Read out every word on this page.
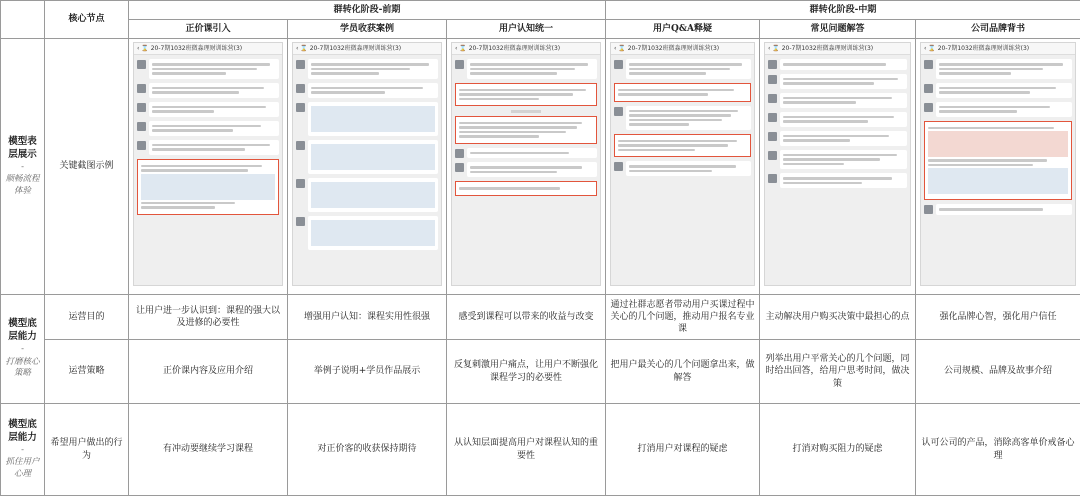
	核心节点	群转化阶段-前期			群转化阶段-中期		
		正价课引入	学员收获案例	用户认知统一	用户Q&A释疑	常见问题解答	公司品牌背书

模型表层展示
-
顺畅流程体验	关键截图示例	‹ ⌛ 20-7期1032班微淼理财训练营(3)	‹ ⌛ 20-7期1032班微淼理财训练营(3)	‹ ⌛ 20-7期1032班微淼理财训练营(3)	‹ ⌛ 20-7期1032班微淼理财训练营(3)	‹ ⌛ 20-7期1032班微淼理财训练营(3)	‹ ⌛ 20-7期1032班微淼理财训练营(3)

模型底层能力
-
打磨核心策略	运营目的	让用户进一步认识到：课程的强大以及进修的必要性	增强用户认知：课程实用性很强	感受到课程可以带来的收益与改变	通过社群志愿者带动用户买课过程中关心的几个问题，推动用户报名专业课	主动解决用户购买决策中最担心的点	强化品牌心智，强化用户信任
	运营策略	正价课内容及应用介绍	举例子说明+学员作品展示	反复刺激用户痛点，让用户不断强化课程学习的必要性	把用户最关心的几个问题拿出来，做解答	列举出用户平常关心的几个问题，同时给出回答，给用户思考时间，做决策	公司规模、品牌及故事介绍

模型底层能力
-
抓住用户心理	希望用户做出的行为	有冲动要继续学习课程	对正价客的收获保持期待	从认知层面提高用户对课程认知的重要性	打消用户对课程的疑虑	打消对购买阻力的疑虑	认可公司的产品，消除高客单价戒备心理
